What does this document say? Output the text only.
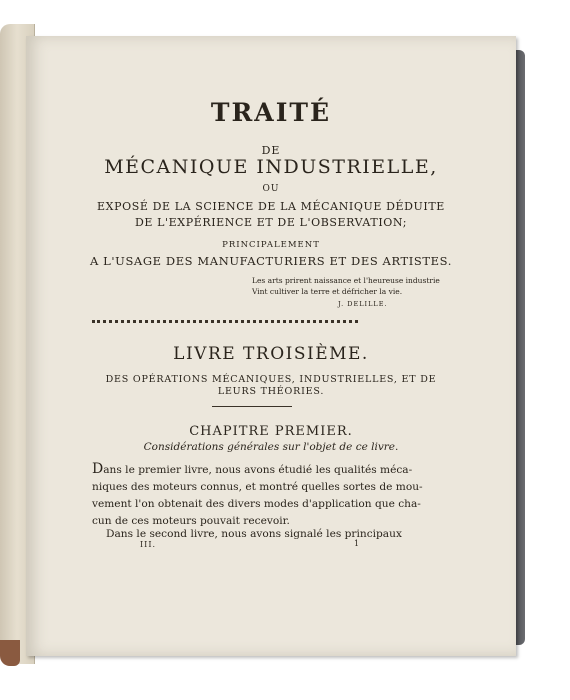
TRAITÉ
DE
MÉCANIQUE INDUSTRIELLE,
OU
EXPOSÉ DE LA SCIENCE DE LA MÉCANIQUE DÉDUITE
DE L'EXPÉRIENCE ET DE L'OBSERVATION;
PRINCIPALEMENT
A L'USAGE DES MANUFACTURIERS ET DES ARTISTES.
Les arts prirent naissance et l'heureuse industrie
Vint cultiver la terre et défricher la vie.
J. DELILLE.
LIVRE TROISIÈME.
DES OPÉRATIONS MÉCANIQUES, INDUSTRIELLES, ET DE
LEURS THÉORIES.
CHAPITRE PREMIER.
Considérations générales sur l'objet de ce livre.
Dans le premier livre, nous avons étudié les qualités méca-
niques des moteurs connus, et montré quelles sortes de mou-
vement l'on obtenait des divers modes d'application que cha-
cun de ces moteurs pouvait recevoir.
Dans le second livre, nous avons signalé les principaux
III.	1
